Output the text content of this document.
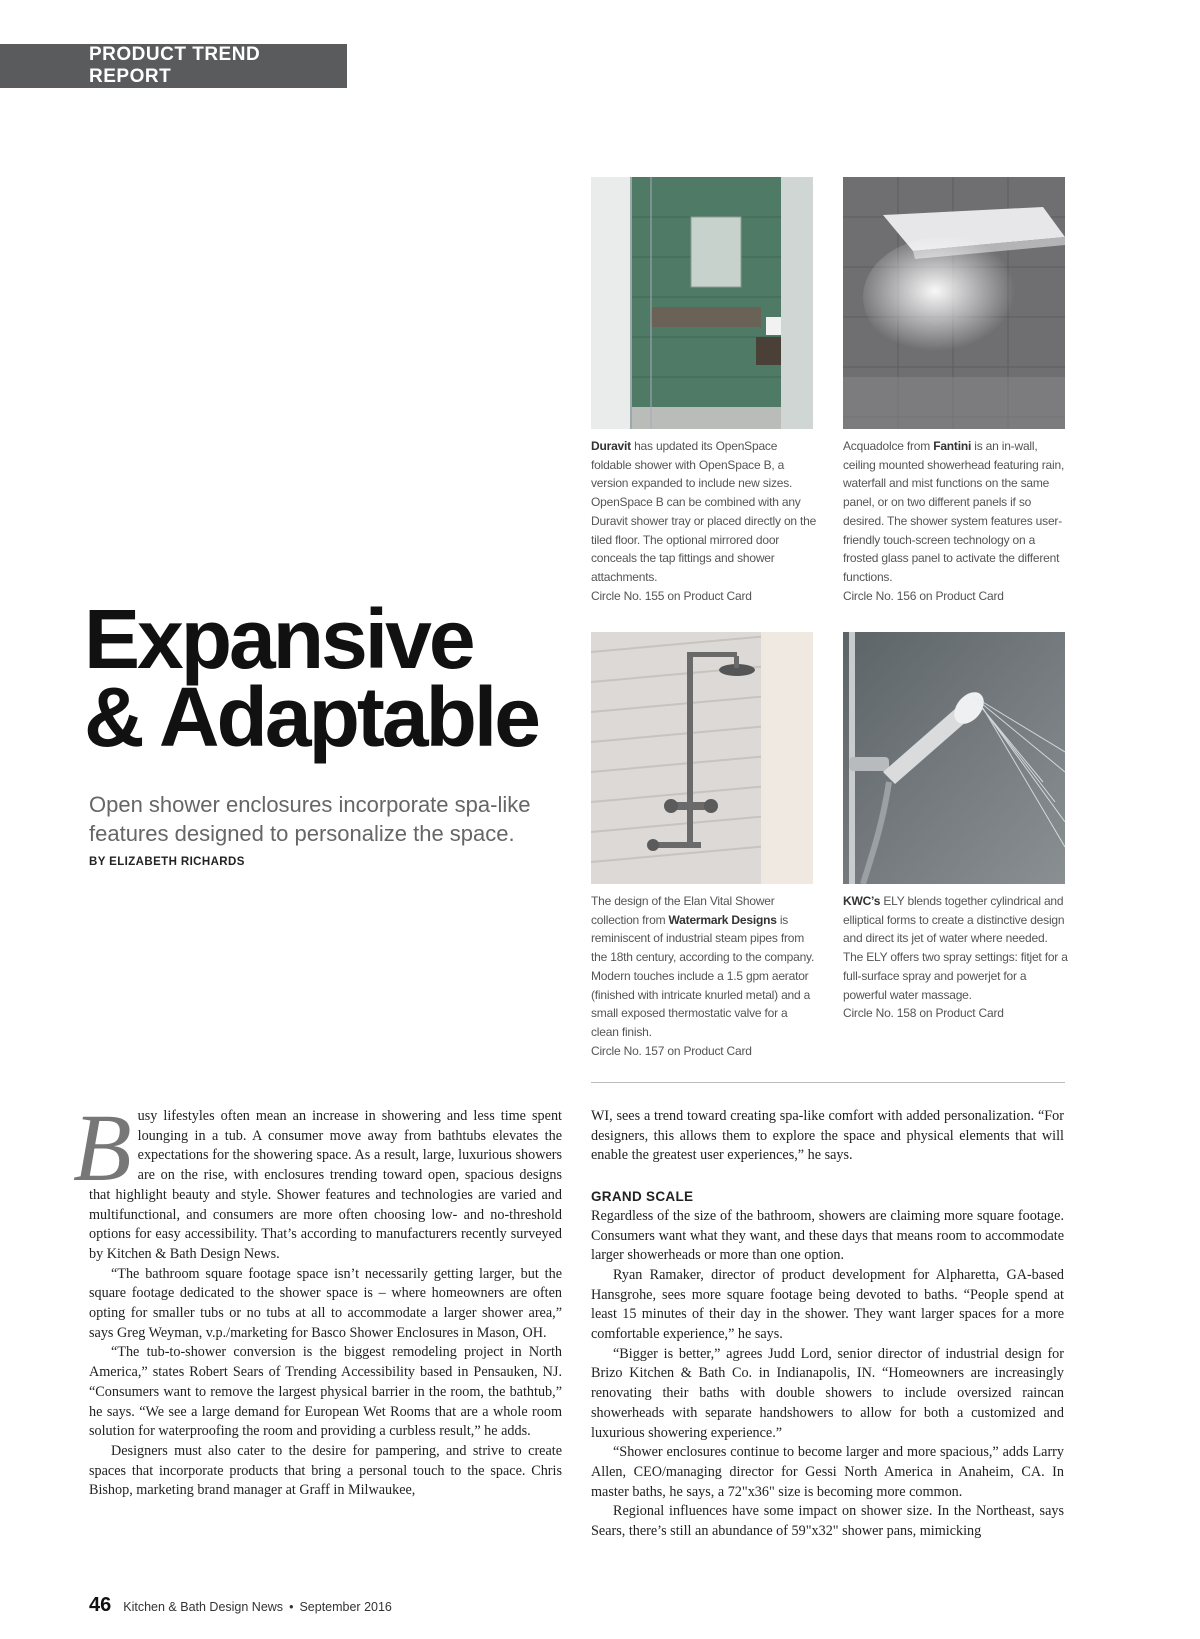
PRODUCT TREND REPORT
Duravit has updated its OpenSpace foldable shower with OpenSpace B, a version expanded to include new sizes. OpenSpace B can be combined with any Duravit shower tray or placed directly on the tiled floor. The optional mirrored door conceals the tap fittings and shower attachments.
Circle No. 155 on Product Card
Acquadolce from Fantini is an in-wall, ceiling mounted showerhead featuring rain, waterfall and mist functions on the same panel, or on two different panels if so desired. The shower system features user-friendly touch-screen technology on a frosted glass panel to activate the different functions.
Circle No. 156 on Product Card
The design of the Elan Vital Shower collection from Watermark Designs is reminiscent of industrial steam pipes from the 18th century, according to the company. Modern touches include a 1.5 gpm aerator (finished with intricate knurled metal) and a small exposed thermostatic valve for a clean finish.
Circle No. 157 on Product Card
KWC’s ELY blends together cylindrical and elliptical forms to create a distinctive design and direct its jet of water where needed. The ELY offers two spray settings: fitjet for a full-surface spray and powerjet for a powerful water massage.
Circle No. 158 on Product Card
Expansive
& Adaptable
Open shower enclosures incorporate spa-like features designed to personalize the space.
BY ELIZABETH RICHARDS

Busy lifestyles often mean an increase in showering and less time spent lounging in a tub. A consumer move away from bathtubs elevates the expectations for the showering space. As a result, large, luxurious showers are on the rise, with enclosures trending toward open, spacious designs that highlight beauty and style. Shower features and technologies are varied and multifunctional, and consumers are more often choosing low- and no-threshold options for easy accessibility. That’s according to manufacturers recently surveyed by Kitchen & Bath Design News.

“The bathroom square footage space isn’t necessarily getting larger, but the square footage dedicated to the shower space is – where homeowners are often opting for smaller tubs or no tubs at all to accommodate a larger shower area,” says Greg Weyman, v.p./marketing for Basco Shower Enclosures in Mason, OH.

“The tub-to-shower conversion is the biggest remodeling project in North America,” states Robert Sears of Trending Accessibility based in Pensauken, NJ. “Consumers want to remove the largest physical barrier in the room, the bathtub,” he says. “We see a large demand for European Wet Rooms that are a whole room solution for waterproofing the room and providing a curbless result,” he adds.

Designers must also cater to the desire for pampering, and strive to create spaces that incorporate products that bring a personal touch to the space. Chris Bishop, marketing brand manager at Graff in Milwaukee,

WI, sees a trend toward creating spa-like comfort with added personalization. “For designers, this allows them to explore the space and physical elements that will enable the greatest user experiences,” he says.

GRAND SCALE

Regardless of the size of the bathroom, showers are claiming more square footage. Consumers want what they want, and these days that means room to accommodate larger showerheads or more than one option.

Ryan Ramaker, director of product development for Alpharetta, GA-based Hansgrohe, sees more square footage being devoted to baths. “People spend at least 15 minutes of their day in the shower. They want larger spaces for a more comfortable experience,” he says.

“Bigger is better,” agrees Judd Lord, senior director of industrial design for Brizo Kitchen & Bath Co. in Indianapolis, IN. “Homeowners are increasingly renovating their baths with double showers to include oversized raincan showerheads with separate handshowers to allow for both a customized and luxurious showering experience.”

“Shower enclosures continue to become larger and more spacious,” adds Larry Allen, CEO/managing director for Gessi North America in Anaheim, CA. In master baths, he says, a 72"x36" size is becoming more common.

Regional influences have some impact on shower size. In the Northeast, says Sears, there’s still an abundance of 59"x32" shower pans, mimicking

46 Kitchen & Bath Design News • September 2016
